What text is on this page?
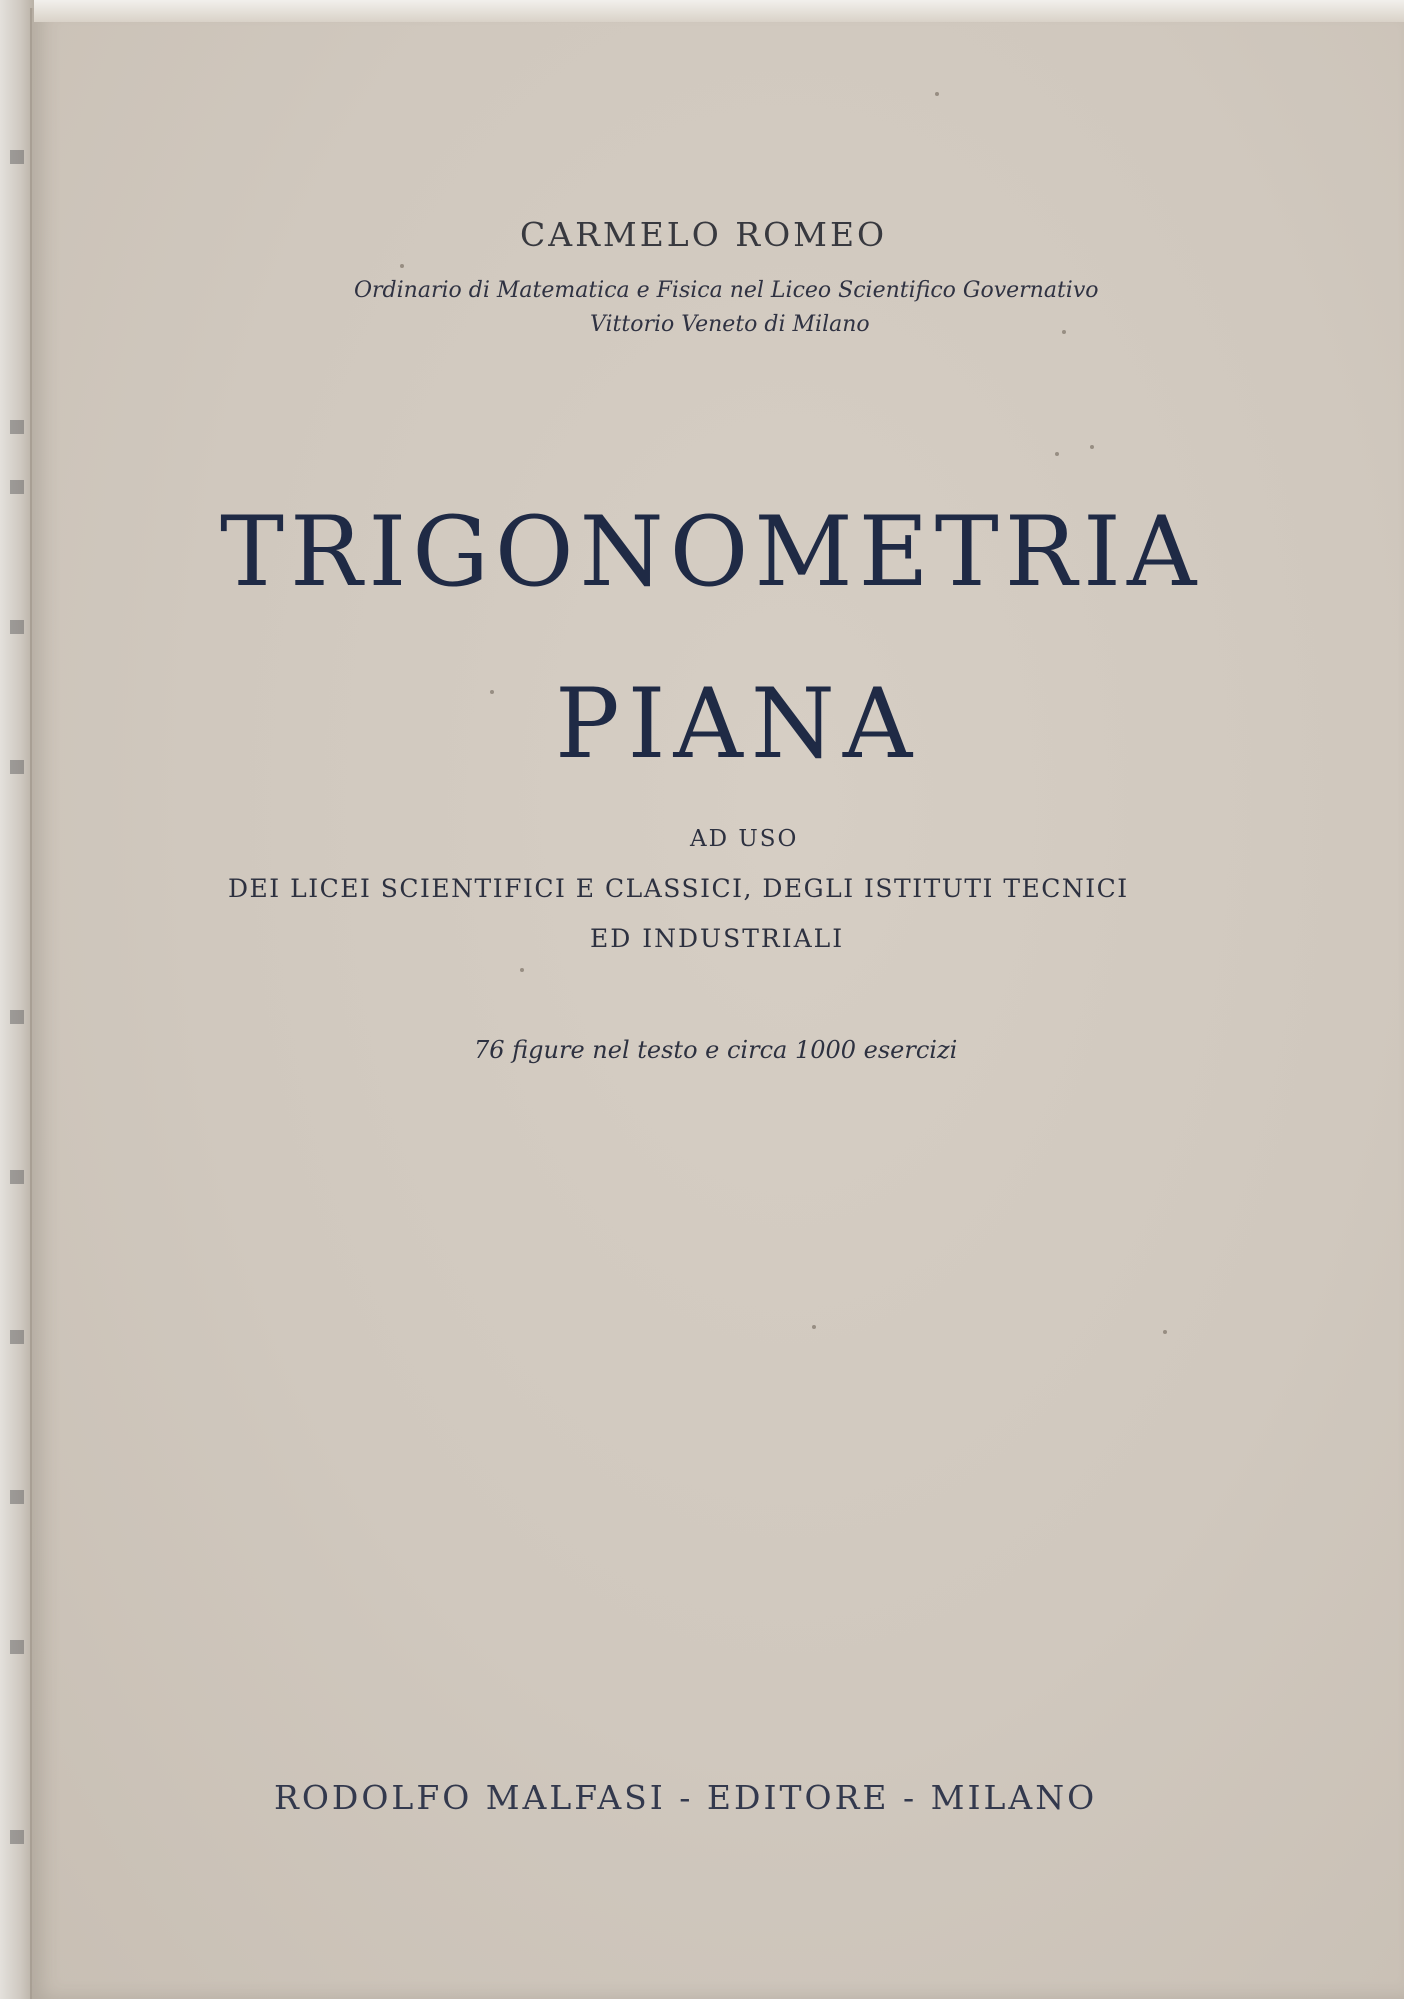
CARMELO ROMEO
Ordinario di Matematica e Fisica nel Liceo Scientifico Governativo
Vittorio Veneto di Milano
TRIGONOMETRIA
PIANA
AD USO
DEI LICEI SCIENTIFICI E CLASSICI, DEGLI ISTITUTI TECNICI
ED INDUSTRIALI
76 figure nel testo e circa 1000 esercizi
RODOLFO MALFASI - EDITORE - MILANO
